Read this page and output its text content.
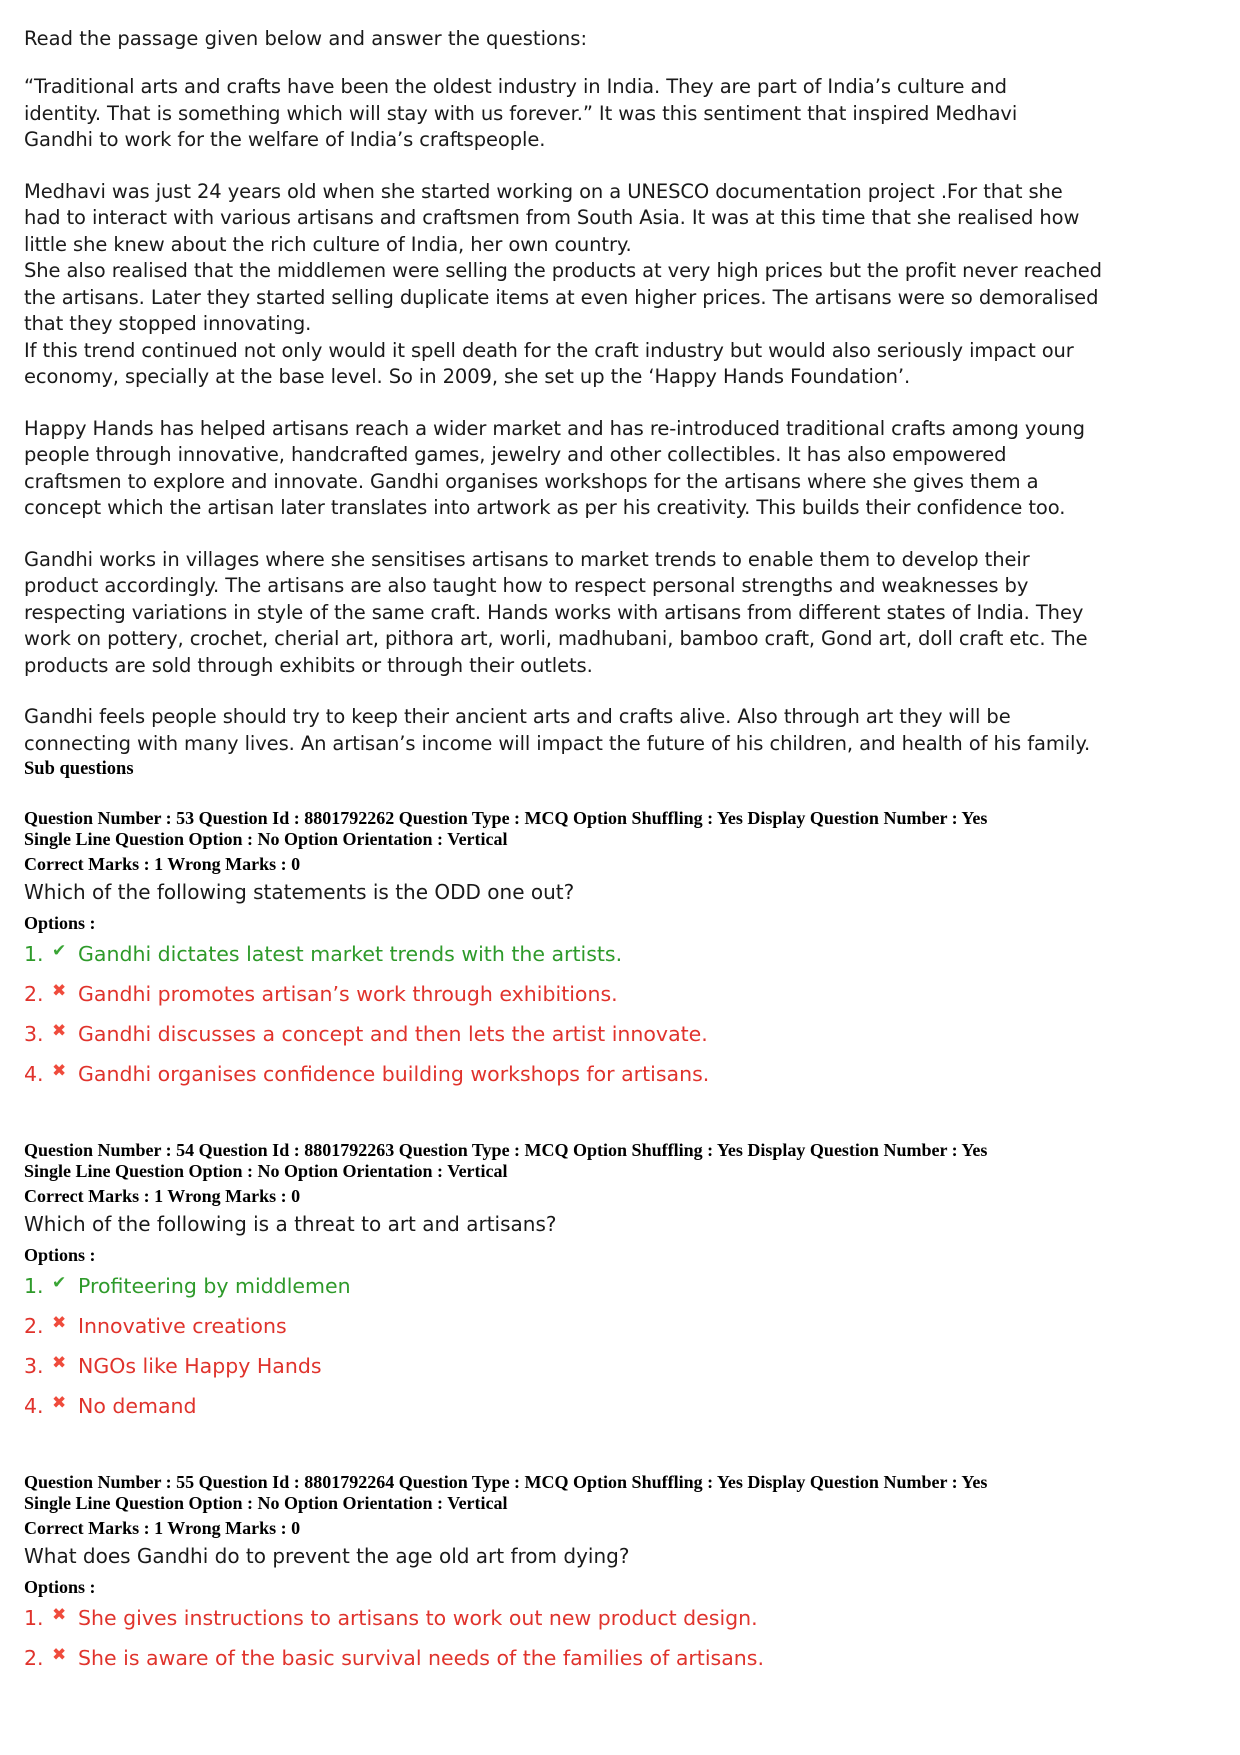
Read the passage given below and answer the questions:
“Traditional arts and crafts have been the oldest industry in India. They are part of India’s culture and
identity. That is something which will stay with us forever.” It was this sentiment that inspired Medhavi
Gandhi to work for the welfare of India’s craftspeople.
Medhavi was just 24 years old when she started working on a UNESCO documentation project .For that she
had to interact with various artisans and craftsmen from South Asia. It was at this time that she realised how
little she knew about the rich culture of India, her own country.
She also realised that the middlemen were selling the products at very high prices but the profit never reached
the artisans. Later they started selling duplicate items at even higher prices. The artisans were so demoralised
that they stopped innovating.
If this trend continued not only would it spell death for the craft industry but would also seriously impact our
economy, specially at the base level. So in 2009, she set up the ‘Happy Hands Foundation’.
Happy Hands has helped artisans reach a wider market and has re-introduced traditional crafts among young
people through innovative, handcrafted games, jewelry and other collectibles. It has also empowered
craftsmen to explore and innovate. Gandhi organises workshops for the artisans where she gives them a
concept which the artisan later translates into artwork as per his creativity. This builds their confidence too.
Gandhi works in villages where she sensitises artisans to market trends to enable them to develop their
product accordingly. The artisans are also taught how to respect personal strengths and weaknesses by
respecting variations in style of the same craft. Hands works with artisans from different states of India. They
work on pottery, crochet, cherial art, pithora art, worli, madhubani, bamboo craft, Gond art, doll craft etc. The
products are sold through exhibits or through their outlets.
Gandhi feels people should try to keep their ancient arts and crafts alive. Also through art they will be
connecting with many lives. An artisan’s income will impact the future of his children, and health of his family.
Sub questions
Question Number : 53 Question Id : 8801792262 Question Type : MCQ Option Shuffling : Yes Display Question Number : Yes
Single Line Question Option : No Option Orientation : Vertical
Correct Marks : 1 Wrong Marks : 0
Which of the following statements is the ODD one out?
Options :
1. ✔ Gandhi dictates latest market trends with the artists.
2. ✖ Gandhi promotes artisan’s work through exhibitions.
3. ✖ Gandhi discusses a concept and then lets the artist innovate.
4. ✖ Gandhi organises confidence building workshops for artisans.
Question Number : 54 Question Id : 8801792263 Question Type : MCQ Option Shuffling : Yes Display Question Number : Yes
Single Line Question Option : No Option Orientation : Vertical
Correct Marks : 1 Wrong Marks : 0
Which of the following is a threat to art and artisans?
Options :
1. ✔ Profiteering by middlemen
2. ✖ Innovative creations
3. ✖ NGOs like Happy Hands
4. ✖ No demand
Question Number : 55 Question Id : 8801792264 Question Type : MCQ Option Shuffling : Yes Display Question Number : Yes
Single Line Question Option : No Option Orientation : Vertical
Correct Marks : 1 Wrong Marks : 0
What does Gandhi do to prevent the age old art from dying?
Options :
1. ✖ She gives instructions to artisans to work out new product design.
2. ✖ She is aware of the basic survival needs of the families of artisans.
